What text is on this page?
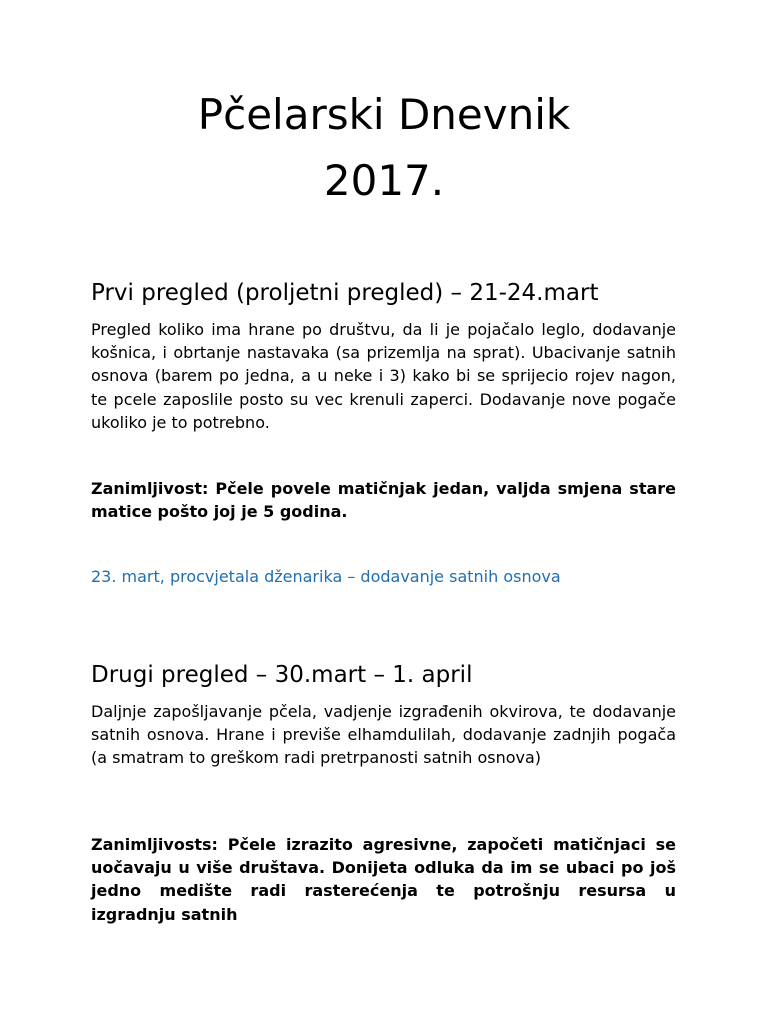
Pčelarski Dnevnik
2017.
Prvi pregled (proljetni pregled) – 21-24.mart

Pregled koliko ima hrane po društvu, da li je pojačalo leglo, dodavanje košnica, i obrtanje nastavaka (sa prizemlja na sprat). Ubacivanje satnih osnova (barem po jedna, a u neke i 3) kako bi se sprijecio rojev nagon, te pcele zaposlile posto su vec krenuli zaperci. Dodavanje nove pogače ukoliko je to potrebno.

Zanimljivost: Pčele povele matičnjak jedan, valjda smjena stare matice pošto joj je 5 godina.

23. mart, procvjetala dženarika – dodavanje satnih osnova

Drugi pregled – 30.mart – 1. april

Daljnje zapošljavanje pčela, vadjenje izgrađenih okvirova, te dodavanje satnih osnova. Hrane i previše elhamdulilah, dodavanje zadnjih pogača (a smatram to greškom radi pretrpanosti satnih osnova)

Zanimljivosts: Pčele izrazito agresivne, započeti matičnjaci se uočavaju u više društava. Donijeta odluka da im se ubaci po još jedno medište radi rasterećenja te potrošnju resursa u izgradnju satnih
